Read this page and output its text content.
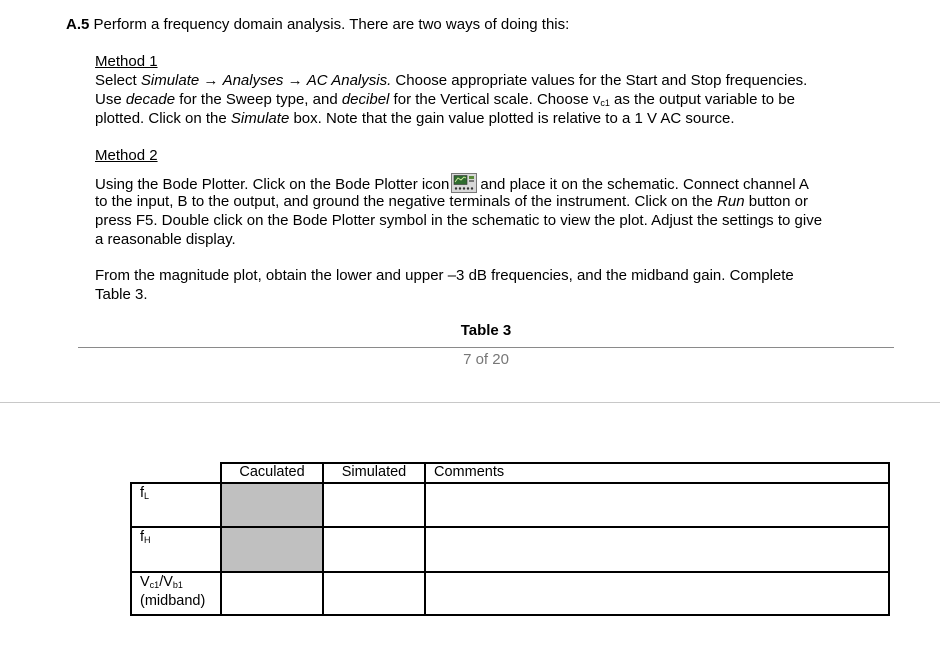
A.5 Perform a frequency domain analysis. There are two ways of doing this:
Method 1
Select Simulate → Analyses → AC Analysis. Choose appropriate values for the Start and Stop frequencies.
Use decade for the Sweep type, and decibel for the Vertical scale. Choose $v_{c1}$ as the output variable to be
plotted. Click on the Simulate box. Note that the gain value plotted is relative to a 1 V AC source.
Method 2
Using the Bode Plotter. Click on the Bode Plotter icon and place it on the schematic. Connect channel A
to the input, B to the output, and ground the negative terminals of the instrument. Click on the Run button or
press F5. Double click on the Bode Plotter symbol in the schematic to view the plot. Adjust the settings to give
a reasonable display.
From the magnitude plot, obtain the lower and upper –3 dB frequencies, and the midband gain. Complete
Table 3.
Table 3
7 of 20
Caculated	Simulated	Comments
$f_L$
$f_H$
$V_{c1}/V_{b1}$
(midband)
